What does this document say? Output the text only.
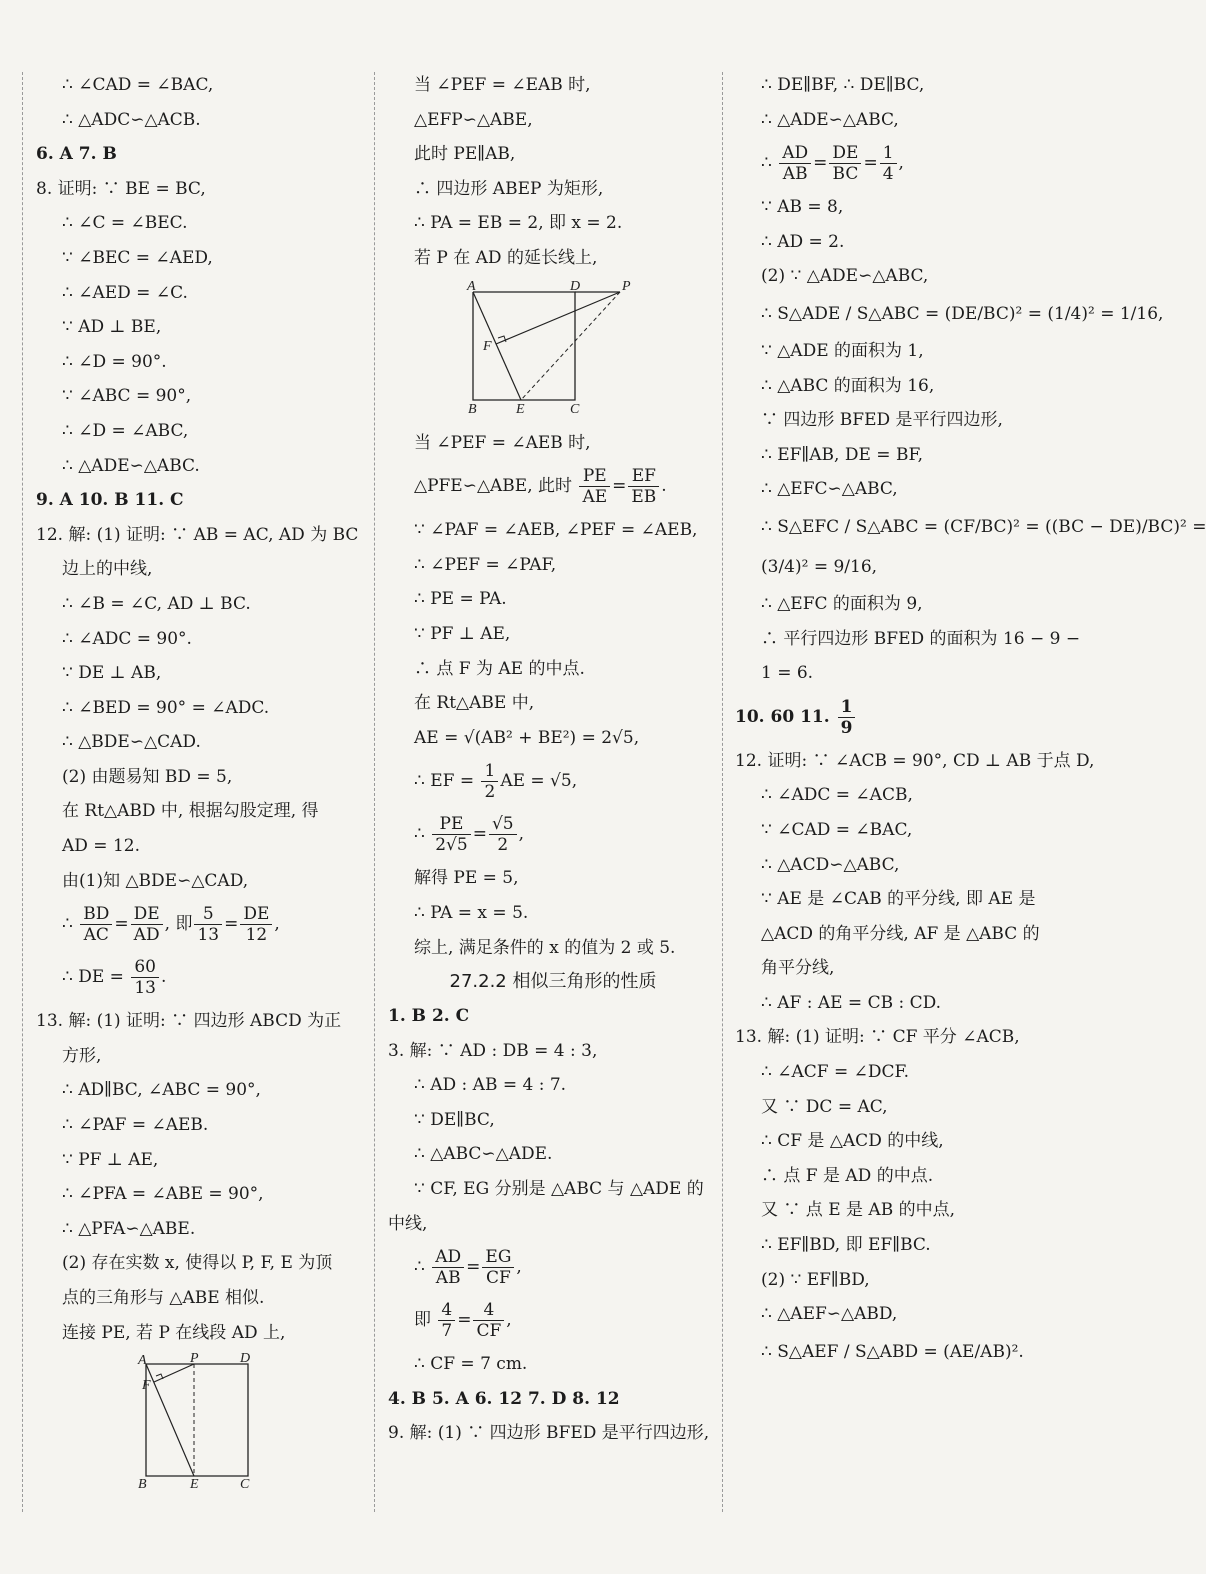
∴ ∠CAD = ∠BAC,
∴ △ADC∽△ACB.
6. A 7. B
8. 证明: ∵ BE = BC,
∴ ∠C = ∠BEC.
∵ ∠BEC = ∠AED,
∴ ∠AED = ∠C.
∵ AD ⊥ BE,
∴ ∠D = 90°.
∵ ∠ABC = 90°,
∴ ∠D = ∠ABC,
∴ △ADE∽△ABC.
9. A 10. B 11. C
12. 解: (1) 证明: ∵ AB = AC, AD 为 BC
边上的中线,
∴ ∠B = ∠C, AD ⊥ BC.
∴ ∠ADC = 90°.
∵ DE ⊥ AB,
∴ ∠BED = 90° = ∠ADC.
∴ △BDE∽△CAD.
(2) 由题易知 BD = 5,
在 Rt△ABD 中, 根据勾股定理, 得
AD = 12.
由(1)知 △BDE∽△CAD,
∴ $\frac{BD}{AC} = \frac{DE}{AD}$ , 即 $\frac{5}{13} = \frac{DE}{12}$ ,
∴ DE = $\frac{60}{13}$ .
13. 解: (1) 证明: ∵ 四边形 ABCD 为正
方形,
∴ AD∥BC, ∠ABC = 90°,
∴ ∠PAF = ∠AEB.
∵ PF ⊥ AE,
∴ ∠PFA = ∠ABE = 90°,
∴ △PFA∽△ABE.
(2) 存在实数 x, 使得以 P, F, E 为顶
点的三角形与 △ABE 相似.
连接 PE, 若 P 在线段 AD 上,
A	P	D
F
B	E	C
当 ∠PEF = ∠EAB 时,
△EFP∽△ABE,
此时 PE∥AB,
∴ 四边形 ABEP 为矩形,
∴ PA = EB = 2, 即 x = 2.
若 P 在 AD 的延长线上,
A	D	P
F
B	E	C
当 ∠PEF = ∠AEB 时,
△PFE∽△ABE, 此时 $\frac{PE}{AE} = \frac{EF}{EB}$ .
∵ ∠PAF = ∠AEB, ∠PEF = ∠AEB,
∴ ∠PEF = ∠PAF,
∴ PE = PA.
∵ PF ⊥ AE,
∴ 点 F 为 AE 的中点.
在 Rt△ABE 中,
AE = √(AB² + BE²) = 2√5,
∴ EF = $\frac{1}{2}$ AE = √5,
∴ $\frac{PE}{2√5} = \frac{√5}{2}$ ,
解得 PE = 5,
∴ PA = x = 5.
综上, 满足条件的 x 的值为 2 或 5.
27.2.2 相似三角形的性质
1. B 2. C
3. 解: ∵ AD : DB = 4 : 3,
∴ AD : AB = 4 : 7.
∵ DE∥BC,
∴ △ABC∽△ADE.
∵ CF, EG 分别是 △ABC 与 △ADE 的
中线,
∴ $\frac{AD}{AB} = \frac{EG}{CF}$ ,
即 $\frac{4}{7} = \frac{4}{CF}$ ,
∴ CF = 7 cm.
4. B 5. A 6. 12 7. D 8. 12
9. 解: (1) ∵ 四边形 BFED 是平行四边形,
∴ DE∥BF, ∴ DE∥BC,
∴ △ADE∽△ABC,
∴ $\frac{AD}{AB} = \frac{DE}{BC} = \frac{1}{4}$ ,
∵ AB = 8,
∴ AD = 2.
(2) ∵ △ADE∽△ABC,
∴ S△ADE / S△ABC = (DE/BC)² = (1/4)² = 1/16,
∵ △ADE 的面积为 1,
∴ △ABC 的面积为 16,
∵ 四边形 BFED 是平行四边形,
∴ EF∥AB, DE = BF,
∴ △EFC∽△ABC,
∴ S△EFC / S△ABC = (CF/BC)² = ((BC − DE)/BC)² =
(3/4)² = 9/16,
∴ △EFC 的面积为 9,
∴ 平行四边形 BFED 的面积为 16 − 9 −
1 = 6.
10. 60 11. $\frac{1}{9}$
12. 证明: ∵ ∠ACB = 90°, CD ⊥ AB 于点 D,
∴ ∠ADC = ∠ACB,
∵ ∠CAD = ∠BAC,
∴ △ACD∽△ABC,
∵ AE 是 ∠CAB 的平分线, 即 AE 是
△ACD 的角平分线, AF 是 △ABC 的
角平分线,
∴ AF : AE = CB : CD.
13. 解: (1) 证明: ∵ CF 平分 ∠ACB,
∴ ∠ACF = ∠DCF.
又 ∵ DC = AC,
∴ CF 是 △ACD 的中线,
∴ 点 F 是 AD 的中点.
又 ∵ 点 E 是 AB 的中点,
∴ EF∥BD, 即 EF∥BC.
(2) ∵ EF∥BD,
∴ △AEF∽△ABD,
∴ S△AEF / S△ABD = (AE/AB)².
